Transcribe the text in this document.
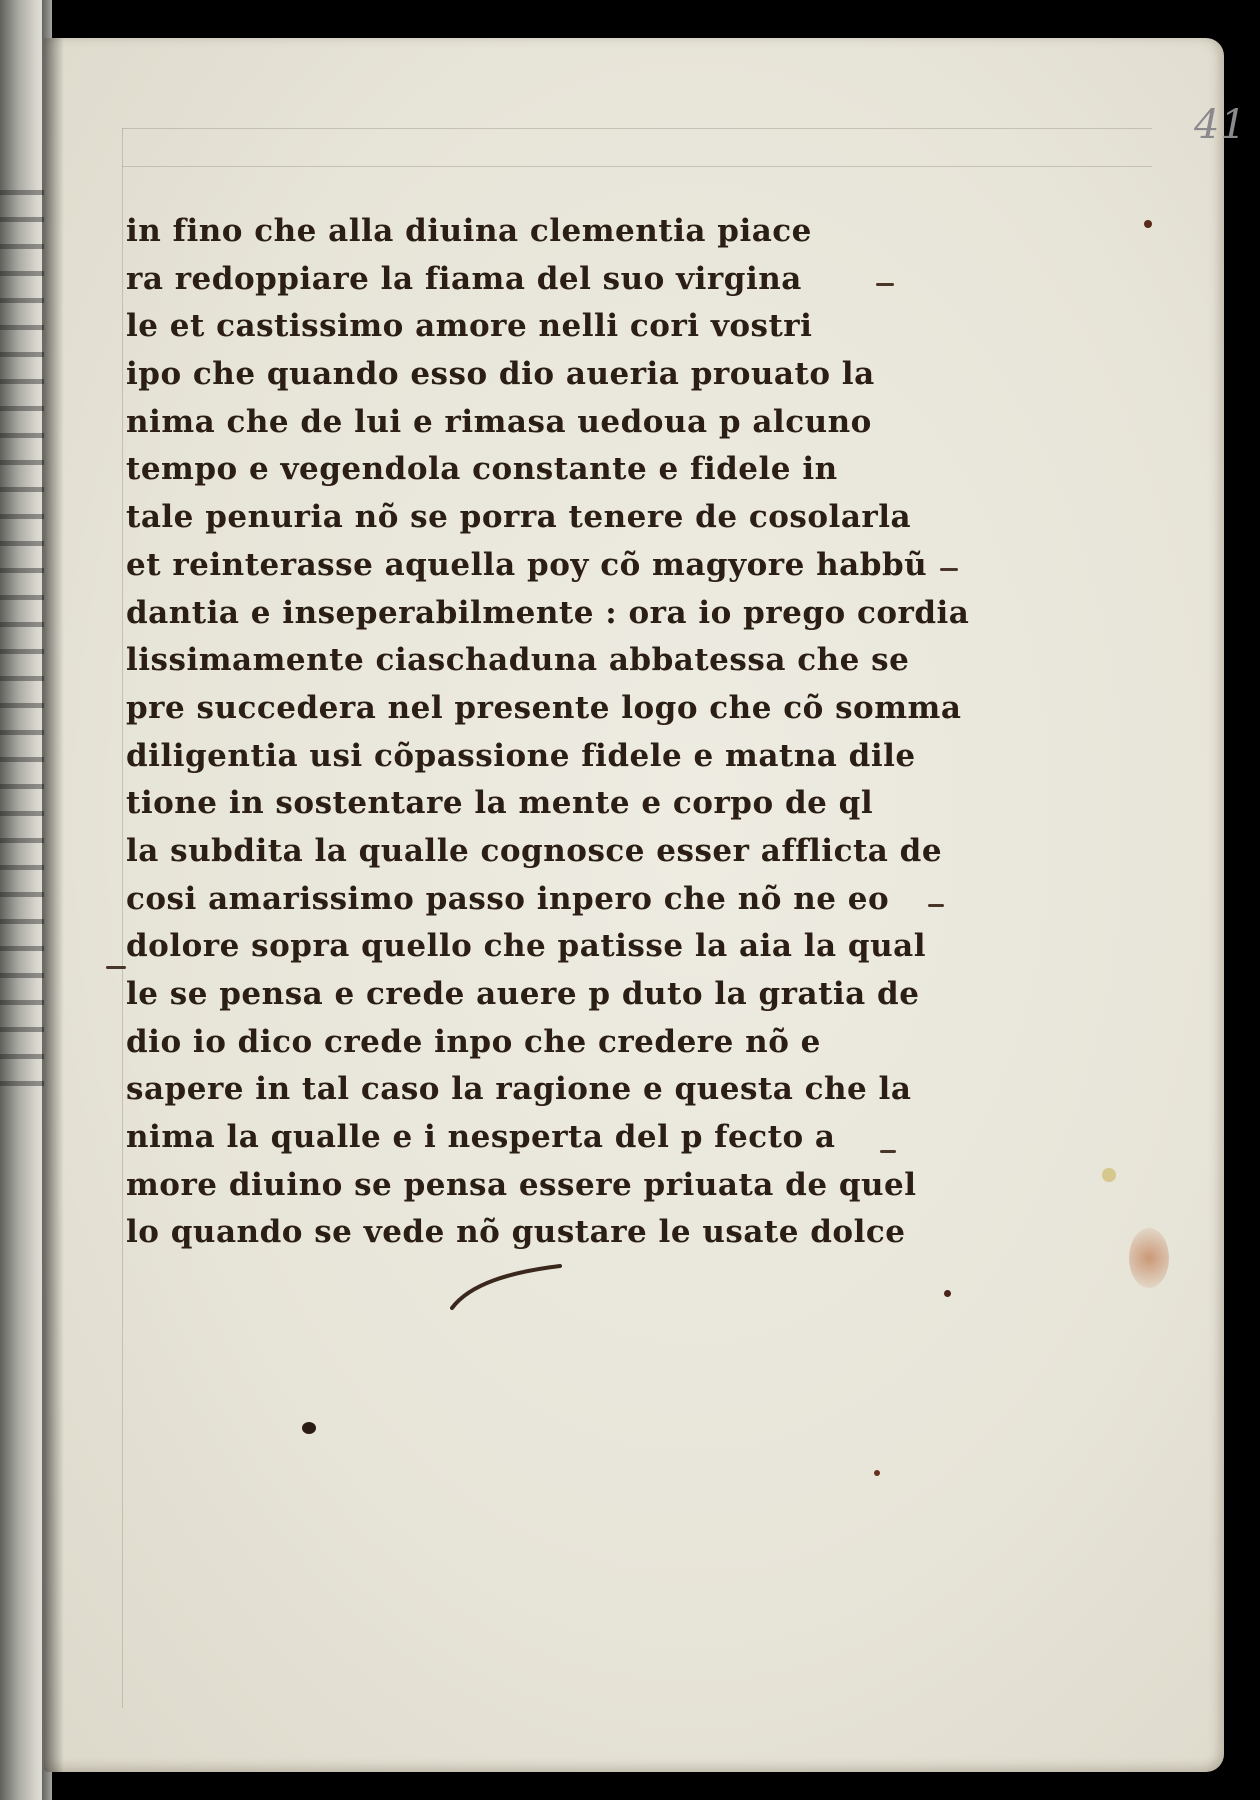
41
in fino che alla diuina clementia piace
ra redoppiare la fiama del suo virgina
le et castissimo amore nelli cori vostri
ipo che quando esso dio aueria prouato la
nima che de lui e rimasa uedoua p alcuno
tempo e vegendola constante e fidele in
tale penuria nõ se porra tenere de cosolarla
et reinterasse aquella poy cõ magyore habbũ
dantia e inseperabilmente : ora io prego cordia
lissimamente ciaschaduna abbatessa che se
pre succedera nel presente logo che cõ somma
diligentia usi cõpassione fidele e matna dile
tione in sostentare la mente e corpo de ql
la subdita la qualle cognosce esser afflicta de
cosi amarissimo passo inpero che nõ ne eo
dolore sopra quello che patisse la aia la qual
le se pensa e crede auere p duto la gratia de
dio io dico crede inpo che credere nõ e
sapere in tal caso la ragione e questa che la
nima la qualle e i nesperta del p fecto a
more diuino se pensa essere priuata de quel
lo quando se vede nõ gustare le usate dolce
